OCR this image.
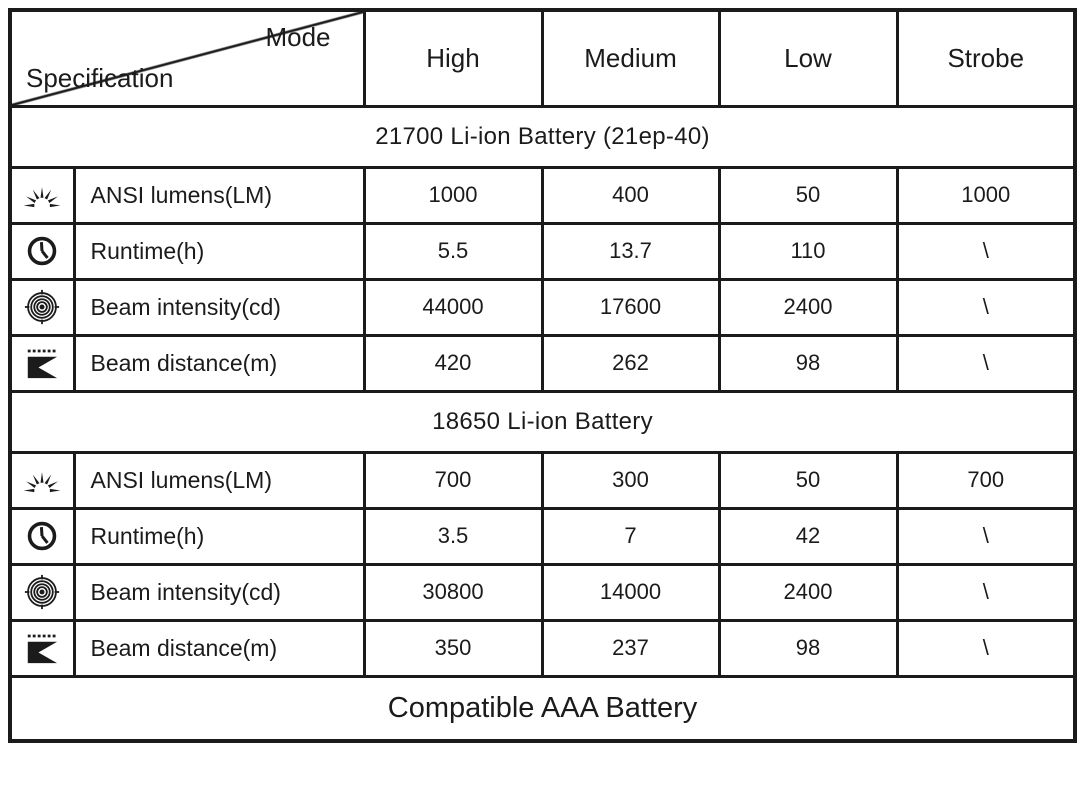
Mode
Specification		High	Medium	Low	Strobe
21700 Li-ion Battery (21ep-40)					

	ANSI lumens(LM)	1000	400	50	1000

	Runtime(h)	5.5	13.7	110	\

	Beam intensity(cd)	44000	17600	2400	\

	Beam distance(m)	420	262	98	\
18650 Li-ion Battery					

	ANSI lumens(LM)	700	300	50	700

	Runtime(h)	3.5	7	42	\

	Beam intensity(cd)	30800	14000	2400	\

	Beam distance(m)	350	237	98	\
Compatible AAA Battery					
